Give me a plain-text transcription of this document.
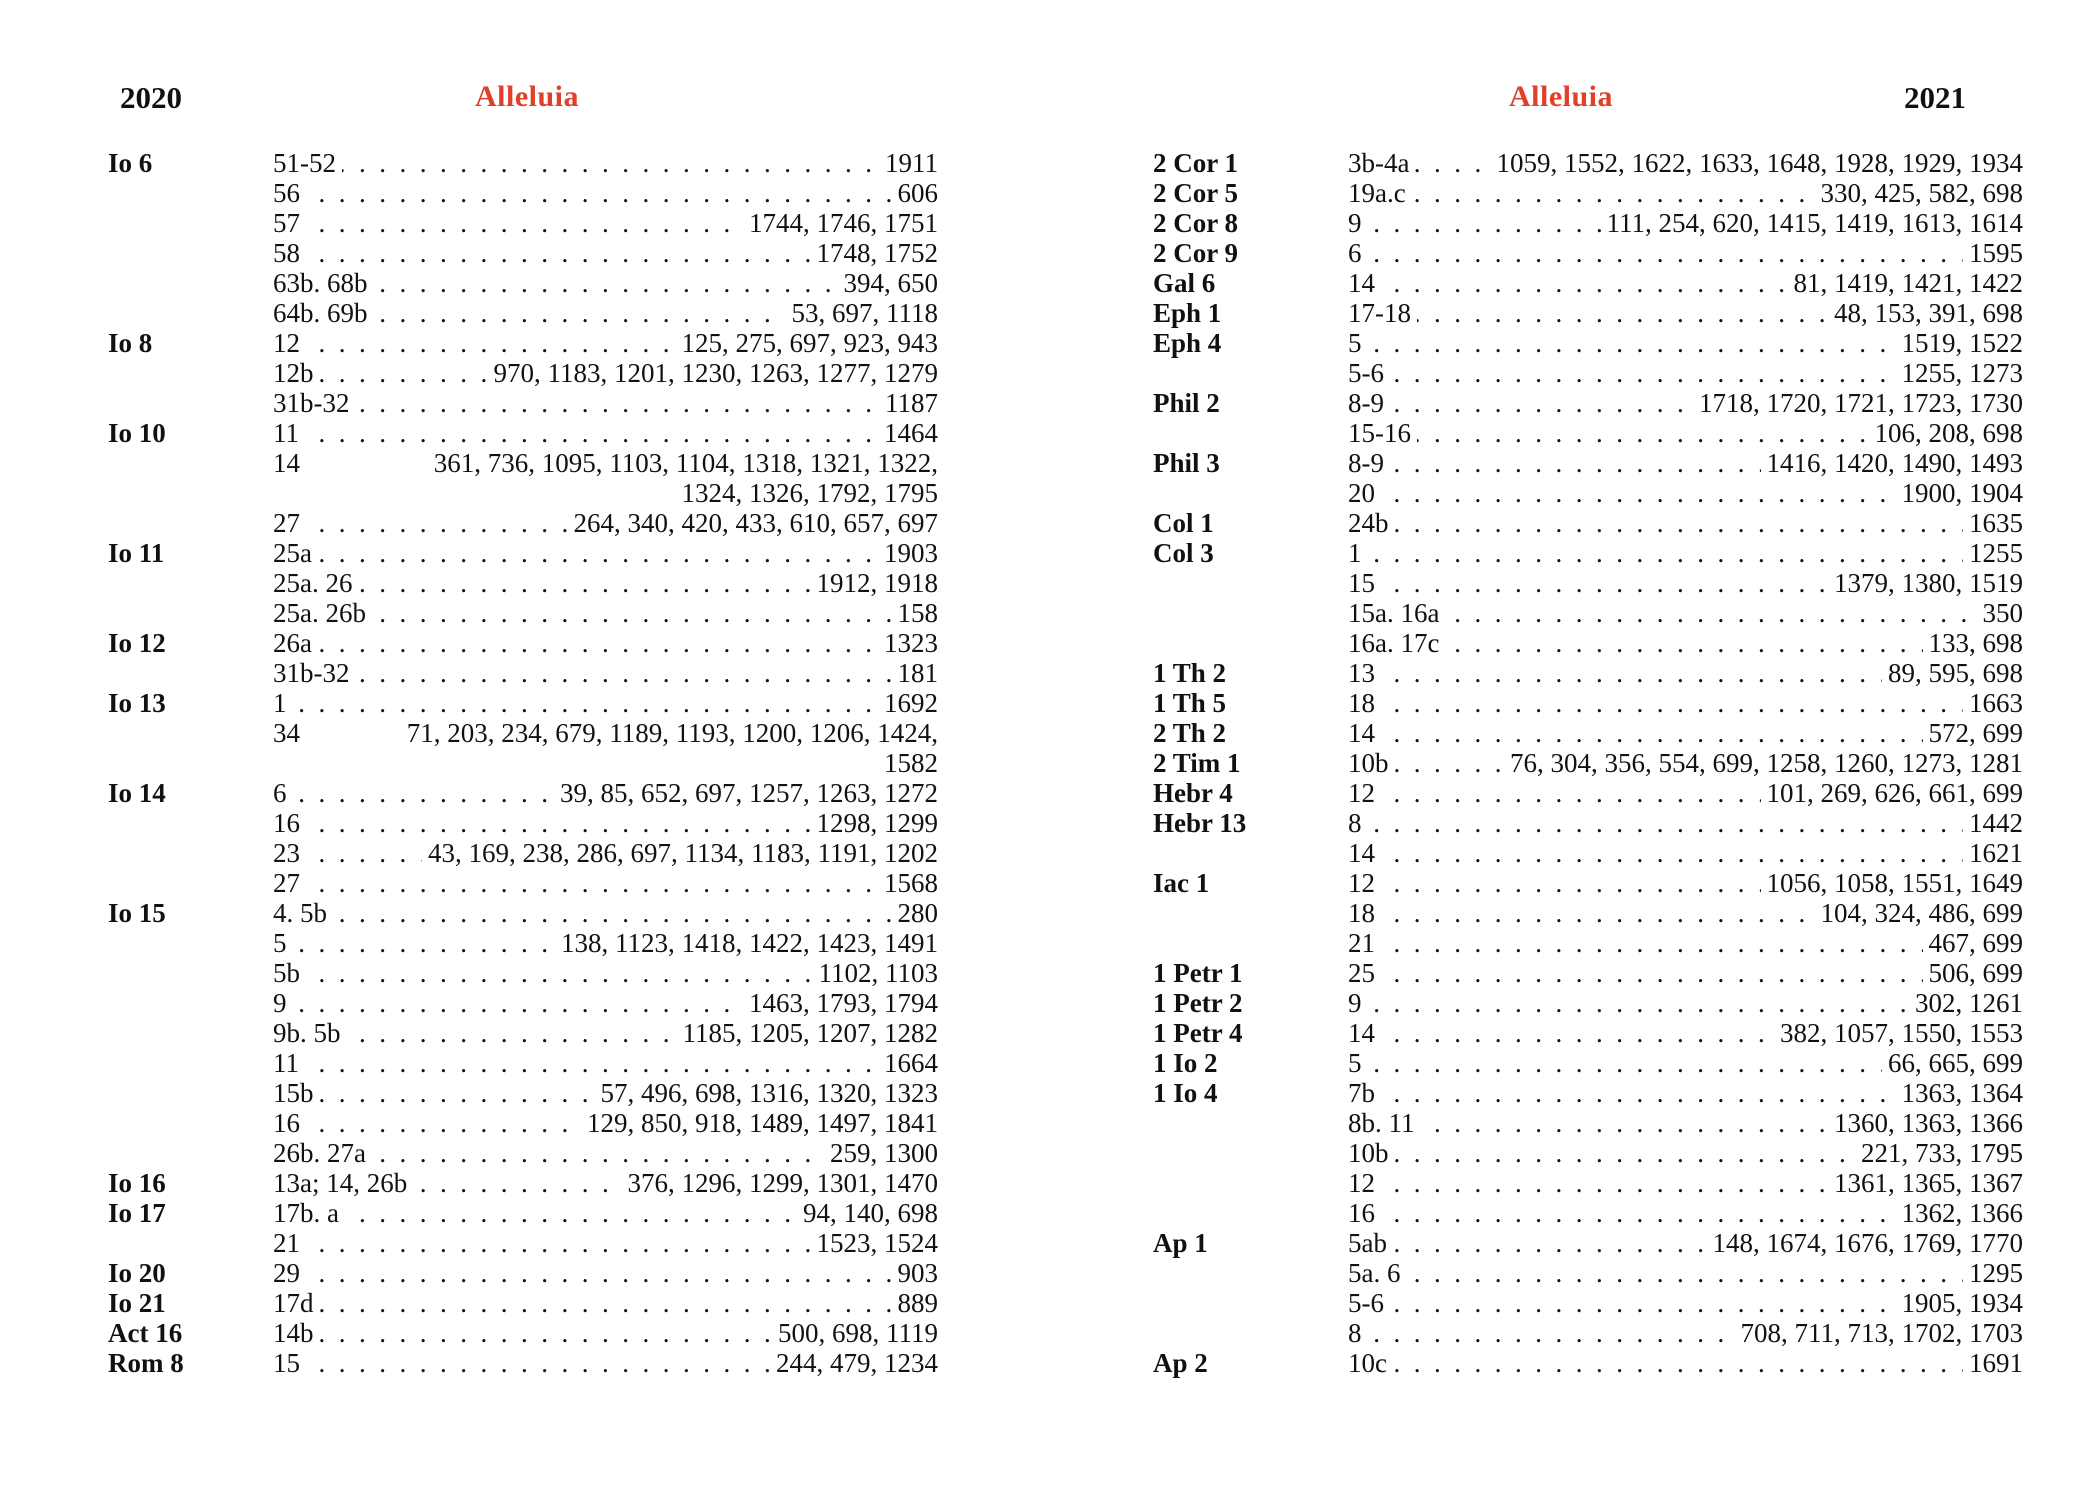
2020	Alleluia
Io 6	51-52 . .	1911
56 . .	606
57 . .	1744, 1746, 1751
58 . .	1748, 1752
63b. 68b . .	394, 650
64b. 69b . .	53, 697, 1118
Io 8	12 . .	125, 275, 697, 923, 943
12b . .	970, 1183, 1201, 1230, 1263, 1277, 1279
31b-32 . .	1187
Io 10	11 . .	1464
14	361, 736, 1095, 1103, 1104, 1318, 1321, 1322, 1324, 1326, 1792, 1795
27 . .	264, 340, 420, 433, 610, 657, 697
Io 11	25a . .	1903
25a. 26 . .	1912, 1918
25a. 26b . .	158
Io 12	26a . .	1323
31b-32 . .	181
Io 13	1 . .	1692
34	71, 203, 234, 679, 1189, 1193, 1200, 1206, 1424, 1582
Io 14	6 . .	39, 85, 652, 697, 1257, 1263, 1272
16 . .	1298, 1299
23 . .	43, 169, 238, 286, 697, 1134, 1183, 1191, 1202
27 . .	1568
Io 15	4. 5b . .	280
5 . .	138, 1123, 1418, 1422, 1423, 1491
5b . .	1102, 1103
9 . .	1463, 1793, 1794
9b. 5b . .	1185, 1205, 1207, 1282
11 . .	1664
15b . .	57, 496, 698, 1316, 1320, 1323
16 . .	129, 850, 918, 1489, 1497, 1841
26b. 27a . .	259, 1300
Io 16	13a; 14, 26b . .	376, 1296, 1299, 1301, 1470
Io 17	17b. a . .	94, 140, 698
21 . .	1523, 1524
Io 20	29 . .	903
Io 21	17d . .	889
Act 16	14b . .	500, 698, 1119
Rom 8	15 . .	244, 479, 1234
2021
Alleluia
2 Cor 1	3b-4a . .	1059, 1552, 1622, 1633, 1648, 1928, 1929, 1934
2 Cor 5	19a.c . .	330, 425, 582, 698
2 Cor 8	9 . .	111, 254, 620, 1415, 1419, 1613, 1614
2 Cor 9	6 . .	1595
Gal 6	14 . .	81, 1419, 1421, 1422
Eph 1	17-18 . .	48, 153, 391, 698
Eph 4	5 . .	1519, 1522
5-6 . .	1255, 1273
Phil 2	8-9 . .	1718, 1720, 1721, 1723, 1730
15-16 . .	106, 208, 698
Phil 3	8-9 . .	1416, 1420, 1490, 1493
20 . .	1900, 1904
Col 1	24b . .	1635
Col 3	1 . .	1255
15 . .	1379, 1380, 1519
15a. 16a . .	350
16a. 17c . .	133, 698
1 Th 2	13 . .	89, 595, 698
1 Th 5	18 . .	1663
2 Th 2	14 . .	572, 699
2 Tim 1	10b . .	76, 304, 356, 554, 699, 1258, 1260, 1273, 1281
Hebr 4	12 . .	101, 269, 626, 661, 699
Hebr 13	8 . .	1442
14 . .	1621
Iac 1	12 . .	1056, 1058, 1551, 1649
18 . .	104, 324, 486, 699
21 . .	467, 699
1 Petr 1	25 . .	506, 699
1 Petr 2	9 . .	302, 1261
1 Petr 4	14 . .	382, 1057, 1550, 1553
1 Io 2	5 . .	66, 665, 699
1 Io 4	7b . .	1363, 1364
8b. 11 . .	1360, 1363, 1366
10b . .	221, 733, 1795
12 . .	1361, 1365, 1367
16 . .	1362, 1366
Ap 1	5ab . .	148, 1674, 1676, 1769, 1770
5a. 6 . .	1295
5-6 . .	1905, 1934
8 . .	708, 711, 713, 1702, 1703
Ap 2	10c . .	1691
